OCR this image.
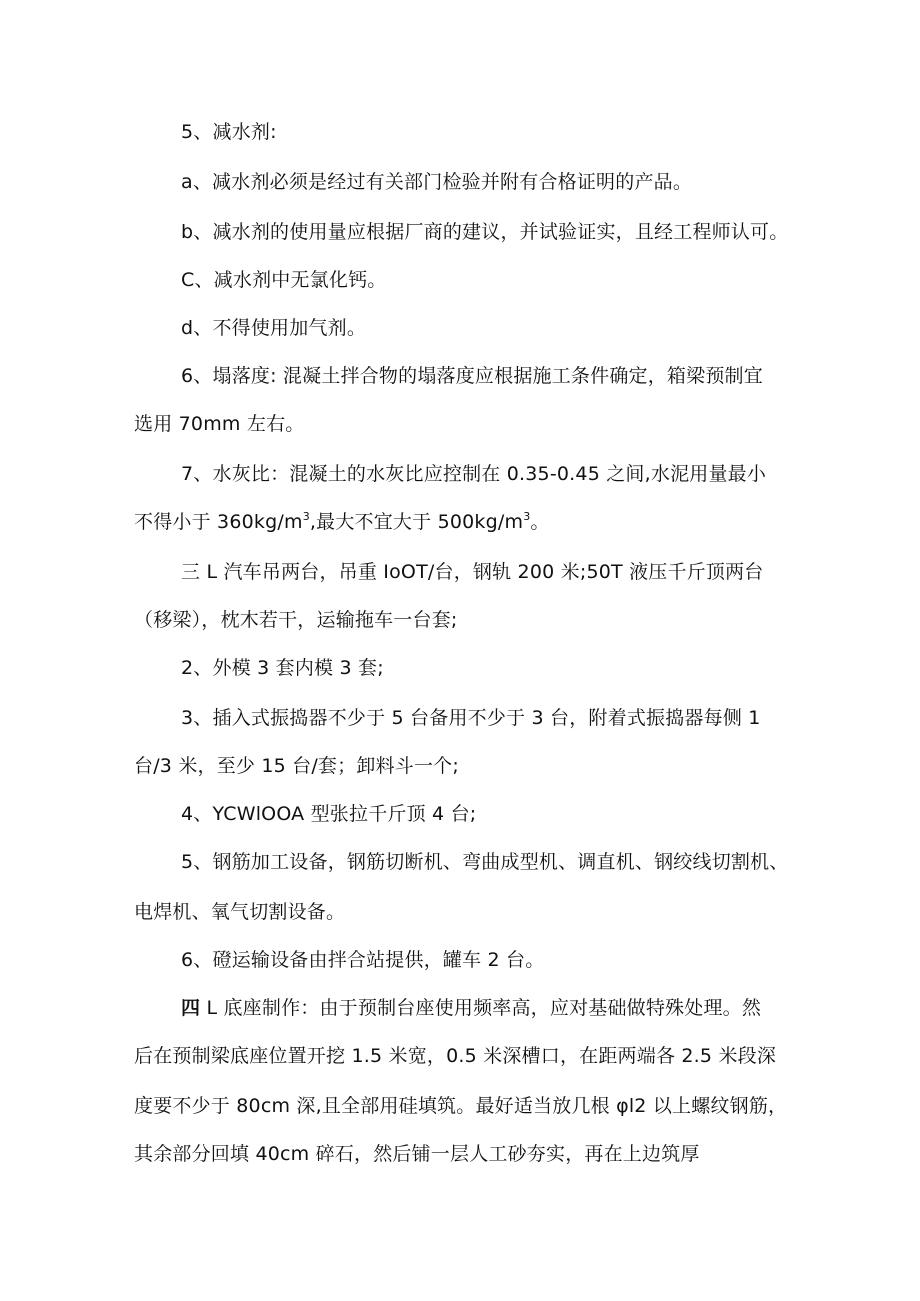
5、减水剂:
a、减水剂必须是经过有关部门检验并附有合格证明的产品。
b、减水剂的使用量应根据厂商的建议，并试验证实，且经工程师认可。
C、减水剂中无氯化钙。
d、不得使用加气剂。
6、塌落度: 混凝土拌合物的塌落度应根据施工条件确定，箱梁预制宜
选用 70mm 左右。
7、水灰比：混凝土的水灰比应控制在 0.35-0.45 之间,水泥用量最小
不得小于 $360kg/m^3$,最大不宜大于 $500kg/m^3$。
三 L 汽车吊两台，吊重 IoOT/台，钢轨 200 米;50T 液压千斤顶两台
（移梁），枕木若干，运输拖车一台套;
2、外模 3 套内模 3 套;
3、插入式振捣器不少于 5 台备用不少于 3 台，附着式振捣器每侧 1
台/3 米，至少 15 台/套；卸料斗一个;
4、YCWlOOA 型张拉千斤顶 4 台;
5、钢筋加工设备，钢筋切断机、弯曲成型机、调直机、钢绞线切割机、
电焊机、氧气切割设备。
6、磴运输设备由拌合站提供，罐车 2 台。
四 L 底座制作：由于预制台座使用频率高，应对基础做特殊处理。然
后在预制梁底座位置开挖 1.5 米宽，0.5 米深槽口，在距两端各 2.5 米段深
度要不少于 80cm 深,且全部用硅填筑。最好适当放几根 φl2 以上螺纹钢筋，
其余部分回填 40cm 碎石，然后铺一层人工砂夯实，再在上边筑厚
